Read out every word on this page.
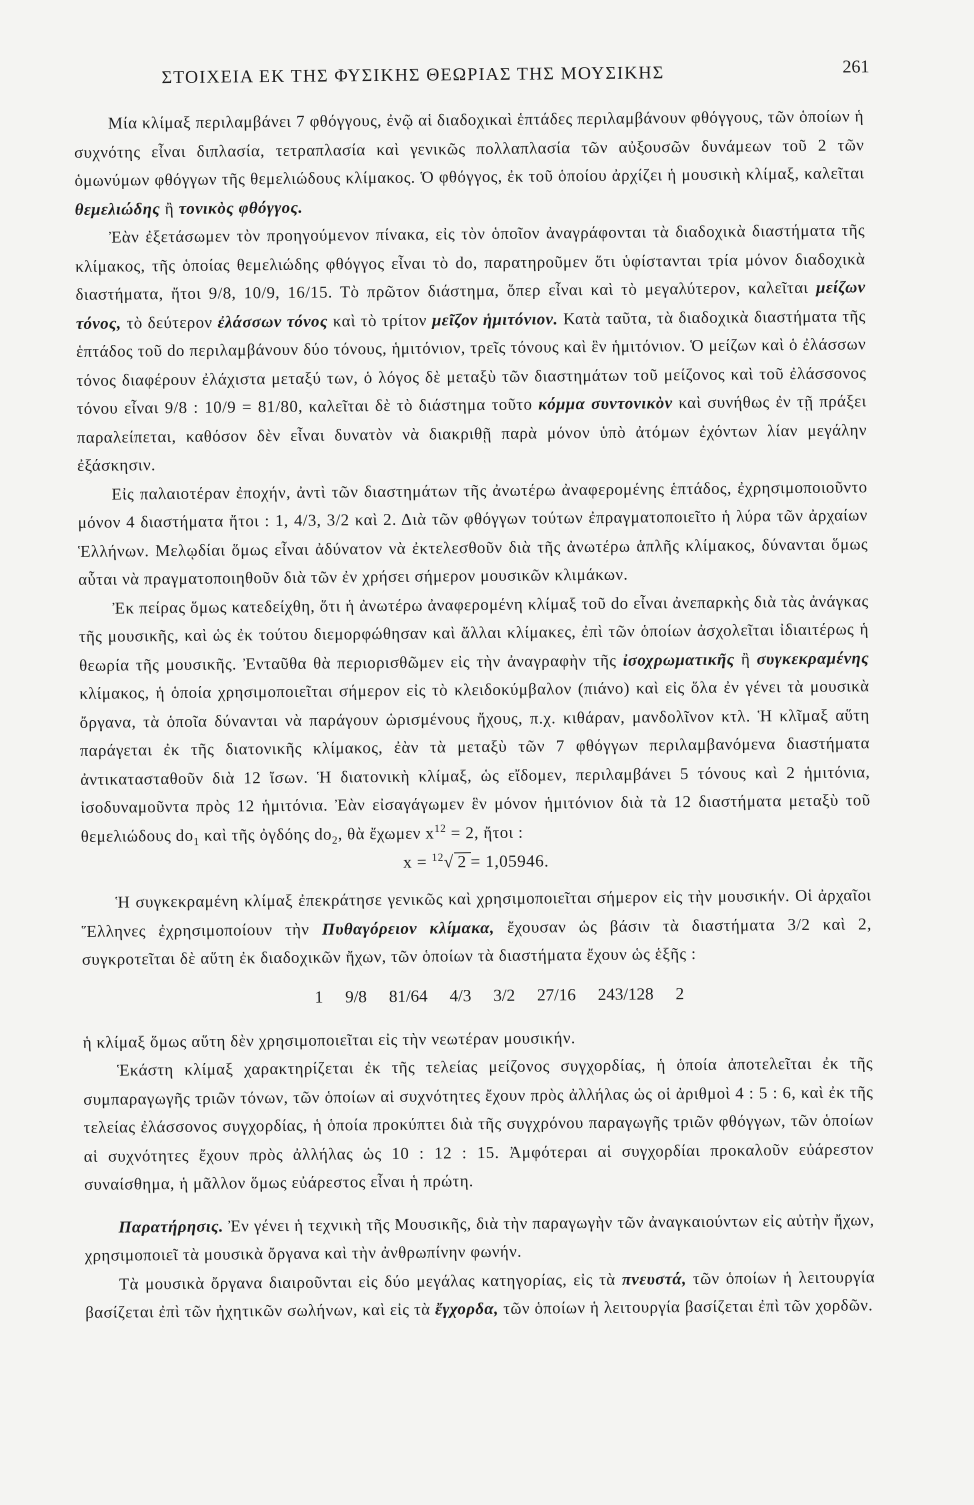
ΣΤΟΙΧΕΙΑ ΕΚ ΤΗΣ ΦΥΣΙΚΗΣ ΘΕΩΡΙΑΣ ΤΗΣ ΜΟΥΣΙΚΗΣ	261

Μία κλίμαξ περιλαμβάνει 7 φθόγγους, ἐνῷ αἱ διαδοχικαὶ ἑπτάδες περιλαμβάνουν φθόγγους, τῶν ὁποίων ἡ συχνότης εἶναι διπλασία, τετραπλασία καὶ γενικῶς πολλαπλασία τῶν αὐξουσῶν δυνάμεων τοῦ 2 τῶν ὁμωνύμων φθόγγων τῆς θεμελιώδους κλίμακος. Ὁ φθόγγος, ἐκ τοῦ ὁποίου ἀρχίζει ἡ μουσικὴ κλίμαξ, καλεῖται θεμελιώδης ἢ τονικὸς φθόγγος.

Ἐὰν ἐξετάσωμεν τὸν προηγούμενον πίνακα, εἰς τὸν ὁποῖον ἀναγράφονται τὰ διαδοχικὰ διαστήματα τῆς κλίμακος, τῆς ὁποίας θεμελιώδης φθόγγος εἶναι τὸ do, παρατηροῦμεν ὅτι ὑφίστανται τρία μόνον διαδοχικὰ διαστήματα, ἤτοι 9/8, 10/9, 16/15. Τὸ πρῶτον διάστημα, ὅπερ εἶναι καὶ τὸ μεγαλύτερον, καλεῖται μείζων τόνος, τὸ δεύτερον ἐλάσσων τόνος καὶ τὸ τρίτον μεῖζον ἡμιτόνιον. Κατὰ ταῦτα, τὰ διαδοχικὰ διαστήματα τῆς ἑπτάδος τοῦ do περιλαμβάνουν δύο τόνους, ἡμιτόνιον, τρεῖς τόνους καὶ ἓν ἡμιτόνιον. Ὁ μείζων καὶ ὁ ἐλάσσων τόνος διαφέρουν ἐλάχιστα μεταξύ των, ὁ λόγος δὲ μεταξὺ τῶν διαστημάτων τοῦ μείζονος καὶ τοῦ ἐλάσσονος τόνου εἶναι 9/8 : 10/9 = 81/80, καλεῖται δὲ τὸ διάστημα τοῦτο κόμμα συντονικὸν καὶ συνήθως ἐν τῇ πράξει παραλείπεται, καθόσον δὲν εἶναι δυνατὸν νὰ διακριθῇ παρὰ μόνον ὑπὸ ἀτόμων ἐχόντων λίαν μεγάλην ἐξάσκησιν.

Εἰς παλαιοτέραν ἐποχήν, ἀντὶ τῶν διαστημάτων τῆς ἀνωτέρω ἀναφερομένης ἑπτάδος, ἐχρησιμοποιοῦντο μόνον 4 διαστήματα ἤτοι : 1, 4/3, 3/2 καὶ 2. Διὰ τῶν φθόγγων τούτων ἐπραγματοποιεῖτο ἡ λύρα τῶν ἀρχαίων Ἑλλήνων. Μελῳδίαι ὅμως εἶναι ἀδύνατον νὰ ἐκτελεσθοῦν διὰ τῆς ἀνωτέρω ἁπλῆς κλίμακος, δύνανται ὅμως αὗται νὰ πραγματοποιηθοῦν διὰ τῶν ἐν χρήσει σήμερον μουσικῶν κλιμάκων.

Ἐκ πείρας ὅμως κατεδείχθη, ὅτι ἡ ἀνωτέρω ἀναφερομένη κλίμαξ τοῦ do εἶναι ἀνεπαρκὴς διὰ τὰς ἀνάγκας τῆς μουσικῆς, καὶ ὡς ἐκ τούτου διεμορφώθησαν καὶ ἄλλαι κλίμακες, ἐπὶ τῶν ὁποίων ἀσχολεῖται ἰδιαιτέρως ἡ θεωρία τῆς μουσικῆς. Ἐνταῦθα θὰ περιορισθῶμεν εἰς τὴν ἀναγραφὴν τῆς ἰσοχρωματικῆς ἢ συγκεκραμένης κλίμακος, ἡ ὁποία χρησιμοποιεῖται σήμερον εἰς τὸ κλειδοκύμβαλον (πιάνο) καὶ εἰς ὅλα ἐν γένει τὰ μουσικὰ ὄργανα, τὰ ὁποῖα δύνανται νὰ παράγουν ὡρισμένους ἤχους, π.χ. κιθάραν, μανδολῖνον κτλ. Ἡ κλῖμαξ αὕτη παράγεται ἐκ τῆς διατονικῆς κλίμακος, ἐὰν τὰ μεταξὺ τῶν 7 φθόγγων περιλαμβανόμενα διαστήματα ἀντικατασταθοῦν διὰ 12 ἴσων. Ἡ διατονικὴ κλίμαξ, ὡς εἴδομεν, περιλαμβάνει 5 τόνους καὶ 2 ἡμιτόνια, ἰσοδυναμοῦντα πρὸς 12 ἡμιτόνια. Ἐὰν εἰσαγάγωμεν ἓν μόνον ἡμιτόνιον διὰ τὰ 12 διαστήματα μεταξὺ τοῦ θεμελιώδους $do_1$ καὶ τῆς ὀγδόης $do_2$, θὰ ἔχωμεν $x^{12} = 2$, ἤτοι :

x = $^{12}$√2= 1,05946.

Ἡ συγκεκραμένη κλίμαξ ἐπεκράτησε γενικῶς καὶ χρησιμοποιεῖται σήμερον εἰς τὴν μουσικήν. Οἱ ἀρχαῖοι Ἕλληνες ἐχρησιμοποίουν τὴν Πυθαγόρειον κλίμακα, ἔχουσαν ὡς βάσιν τὰ διαστήματα 3/2 καὶ 2, συγκροτεῖται δὲ αὕτη ἐκ διαδοχικῶν ἤχων, τῶν ὁποίων τὰ διαστήματα ἔχουν ὡς ἑξῆς :

1 9/8 81/64 4/3 3/2 27/16 243/128 2

ἡ κλίμαξ ὅμως αὕτη δὲν χρησιμοποιεῖται εἰς τὴν νεωτέραν μουσικήν.

Ἑκάστη κλίμαξ χαρακτηρίζεται ἐκ τῆς τελείας μείζονος συγχορδίας, ἡ ὁποία ἀποτελεῖται ἐκ τῆς συμπαραγωγῆς τριῶν τόνων, τῶν ὁποίων αἱ συχνότητες ἔχουν πρὸς ἀλλήλας ὡς οἱ ἀριθμοὶ 4 : 5 : 6, καὶ ἐκ τῆς τελείας ἐλάσσονος συγχορδίας, ἡ ὁποία προκύπτει διὰ τῆς συγχρόνου παραγωγῆς τριῶν φθόγγων, τῶν ὁποίων αἱ συχνότητες ἔχουν πρὸς ἀλλήλας ὡς 10 : 12 : 15. Ἀμφότεραι αἱ συγχορδίαι προκαλοῦν εὐάρεστον συναίσθημα, ἡ μᾶλλον ὅμως εὐάρεστος εἶναι ἡ πρώτη.

Παρατήρησις. Ἐν γένει ἡ τεχνικὴ τῆς Μουσικῆς, διὰ τὴν παραγωγὴν τῶν ἀναγκαιούντων εἰς αὐτὴν ἤχων, χρησιμοποιεῖ τὰ μουσικὰ ὄργανα καὶ τὴν ἀνθρωπίνην φωνήν.

Τὰ μουσικὰ ὄργανα διαιροῦνται εἰς δύο μεγάλας κατηγορίας, εἰς τὰ πνευστά, τῶν ὁποίων ἡ λειτουργία βασίζεται ἐπὶ τῶν ἠχητικῶν σωλήνων, καὶ εἰς τὰ ἔγχορδα, τῶν ὁποίων ἡ λειτουργία βασίζεται ἐπὶ τῶν χορδῶν.
